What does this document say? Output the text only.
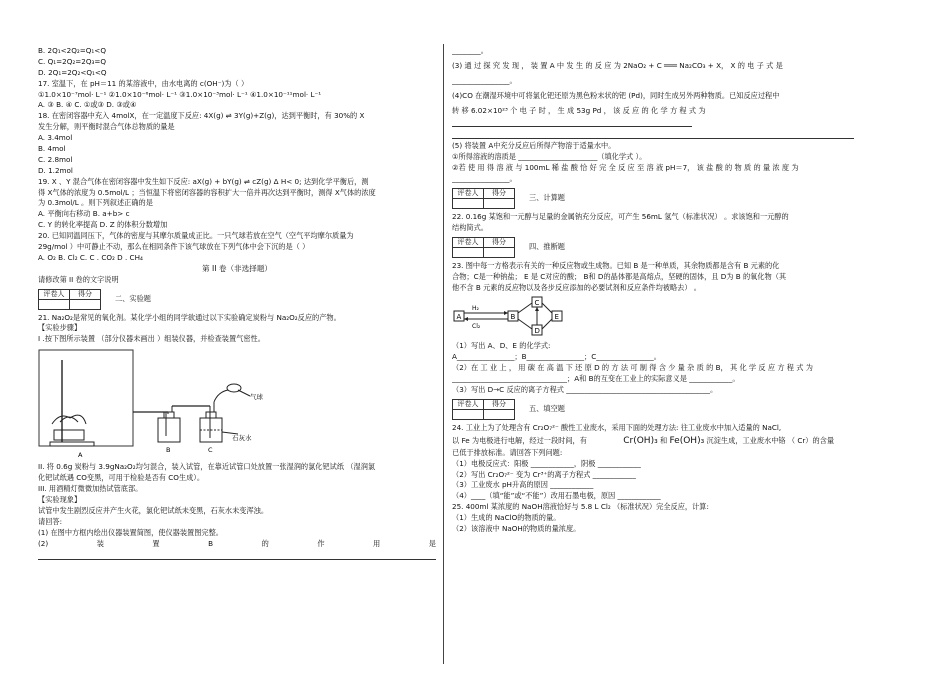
B. 2Q₁<2Q₂=Q₁<Q
C. Q₁=2Q₂=2Q₃=Q
D. 2Q₁=2Q₂<Q₁<Q
17. 室温下，在 pH＝11 的某溶液中，由水电离的 c(OH⁻)为（ ）
①1.0×10⁻⁷mol· L⁻¹ ②1.0×10⁻⁶mol· L⁻¹ ③1.0×10⁻³mol· L⁻¹ ④1.0×10⁻¹¹mol· L⁻¹
A. ③ B. ④ C. ①或③ D. ③或④
18. 在密闭容器中充入 4molX，在一定温度下反应: 4X(g) ⇌ 3Y(g)+Z(g)，达到平衡时，有 30%的 X
发生分解，则平衡时混合气体总物质的量是
A. 3.4mol
B. 4mol
C. 2.8mol
D. 1.2mol
19. X 、Y 混合气体在密闭容器中发生如下反应: aX(g) + bY(g) ⇌ cZ(g) Δ H< 0; 达到化学平衡后，测
得 X气体的浓度为 0.5mol/L ；当恒温下将密闭容器的容积扩大一倍并再次达到平衡时，测得 X气体的浓度
为 0.3mol/L 。则下列叙述正确的是
A. 平衡向右移动 B. a+b> c
C. Y 的转化率提高 D. Z 的体积分数增加
20. 已知同温同压下，气体的密度与其摩尔质量成正比。一只气球若放在空气（空气平均摩尔质量为
29g/mol ）中可静止不动，那么在相同条件下该气球放在下列气体中会下沉的是（ ）
A. O₂ B. Cl₂ C. C . CO₂ D . CH₄
第 II 卷（非选择题）
请修改第 II 卷的文字说明
评卷人	得分

二、实验题
21. Na₂O₂是常见的氧化剂。某化学小组的同学欲通过以下实验确定炭粉与 Na₂O₂反应的产物。
【实验步骤】
I .按下图所示装置 （部分仪器未画出 ）组装仪器，并检查装置气密性。
A
B	C
气球
石灰水
II. 将 0.6g 炭粉与 3.9gNa₂O₂均匀混合，装入试管，在靠近试管口处放置一张湿润的氯化钯试纸 （湿润氯
化钯试纸遇 CO变黑，可用于检验是否有 CO生成）。
III. 用酒精灯微微加热试管底部。
【实验现象】
试管中发生剧烈反应并产生火花，氯化钯试纸未变黑，石灰水未变浑浊。
请回答:
(1) 在图中方框内绘出仪器装置简图，使仪器装置图完整。
(2)	装	置	B	的	作	用	是
________。
(3) 通 过 探 究 发 现 ， 装 置 A 中 发 生 的 反 应 为 2NaO₂ + C ═══ Na₂CO₃ + X， X 的 电 子 式 是
________________。
(4)CO 在潮湿环境中可将氯化钯还原为黑色粉末状的钯 (Pd)，同时生成另外两种物质。已知反应过程中
转 移 6.02×10²³ 个 电 子 时 ， 生 成 53g Pd ， 该 反 应 的 化 学 方 程 式 为
(5) 将装置 A中充分反应后所得产物溶于适量水中。
①所得溶液的溶质是 ______________________（填化学式 ）。
②若 使 用 得 溶 液 与 100mL 稀 盐 酸 恰 好 完 全 反 应 至 溶 液 pH＝7， 该 盐 酸 的 物 质 的 量 浓 度 为
________________。
评卷人	得分

三、计算题
22. 0.16g 某饱和一元醇与足量的金属钠充分反应，可产生 56mL 氢气（标准状况） 。求该饱和一元醇的
结构简式。
评卷人	得分

四、推断题
23. 图中每一方格表示有关的一种反应物或生成物。已知 B 是一种单质，其余物质都是含有 B 元素的化
合物；C是一种钠盐； E 是 C对应的酸； B和 D的晶体都是高熔点，坚硬的固体，且 D为 B 的氧化物（其
他不含 B 元素的反应物以及各步反应添加的必要试剂和反应条件均被略去） 。
A
H₂
Cl₂
B
C
E
D
（1）写出 A、D、E 的化学式:
A________________；B________________；C________________。
（2）在 工 业 上 ， 用 碳 在 高 温 下 还 原 D 的 方 法 可 制 得 含 少 量 杂 质 的 B， 其 化 学 反 应 方 程 式 为
________________________________；A和 B的互变在工业上的实际意义是 ____________。
（3）写出 D→C 反应的离子方程式 ________________________________________。
评卷人	得分

五、填空题
24. 工业上为了处理含有 Cr₂O₇²⁻ 酸性工业废水，采用下面的处理方法: 往工业废水中加入适量的 NaCl,
以 Fe 为电极进行电解，经过一段时间，有	Cr(OH)₃ 和 Fe(OH)₃ 沉淀生成，工业废水中铬 （ Cr）的含量
已低于排放标准。请回答下列问题:
（1）电极反应式：阳极 ____________，阴极 ____________
（2）写出 Cr₂O₇²⁻ 变为 Cr³⁺的离子方程式 ____________
（3）工业废水 pH升高的原因 ____________
（4）____（填“能”或“不能”）改用石墨电极，原因 ____________
25. 400ml 某浓度的 NaOH溶液恰好与 5.8 L Cl₂ （标准状况）完全反应，计算:
（1）生成的 NaClO的物质的量。
（2）该溶液中 NaOH的物质的量浓度。
